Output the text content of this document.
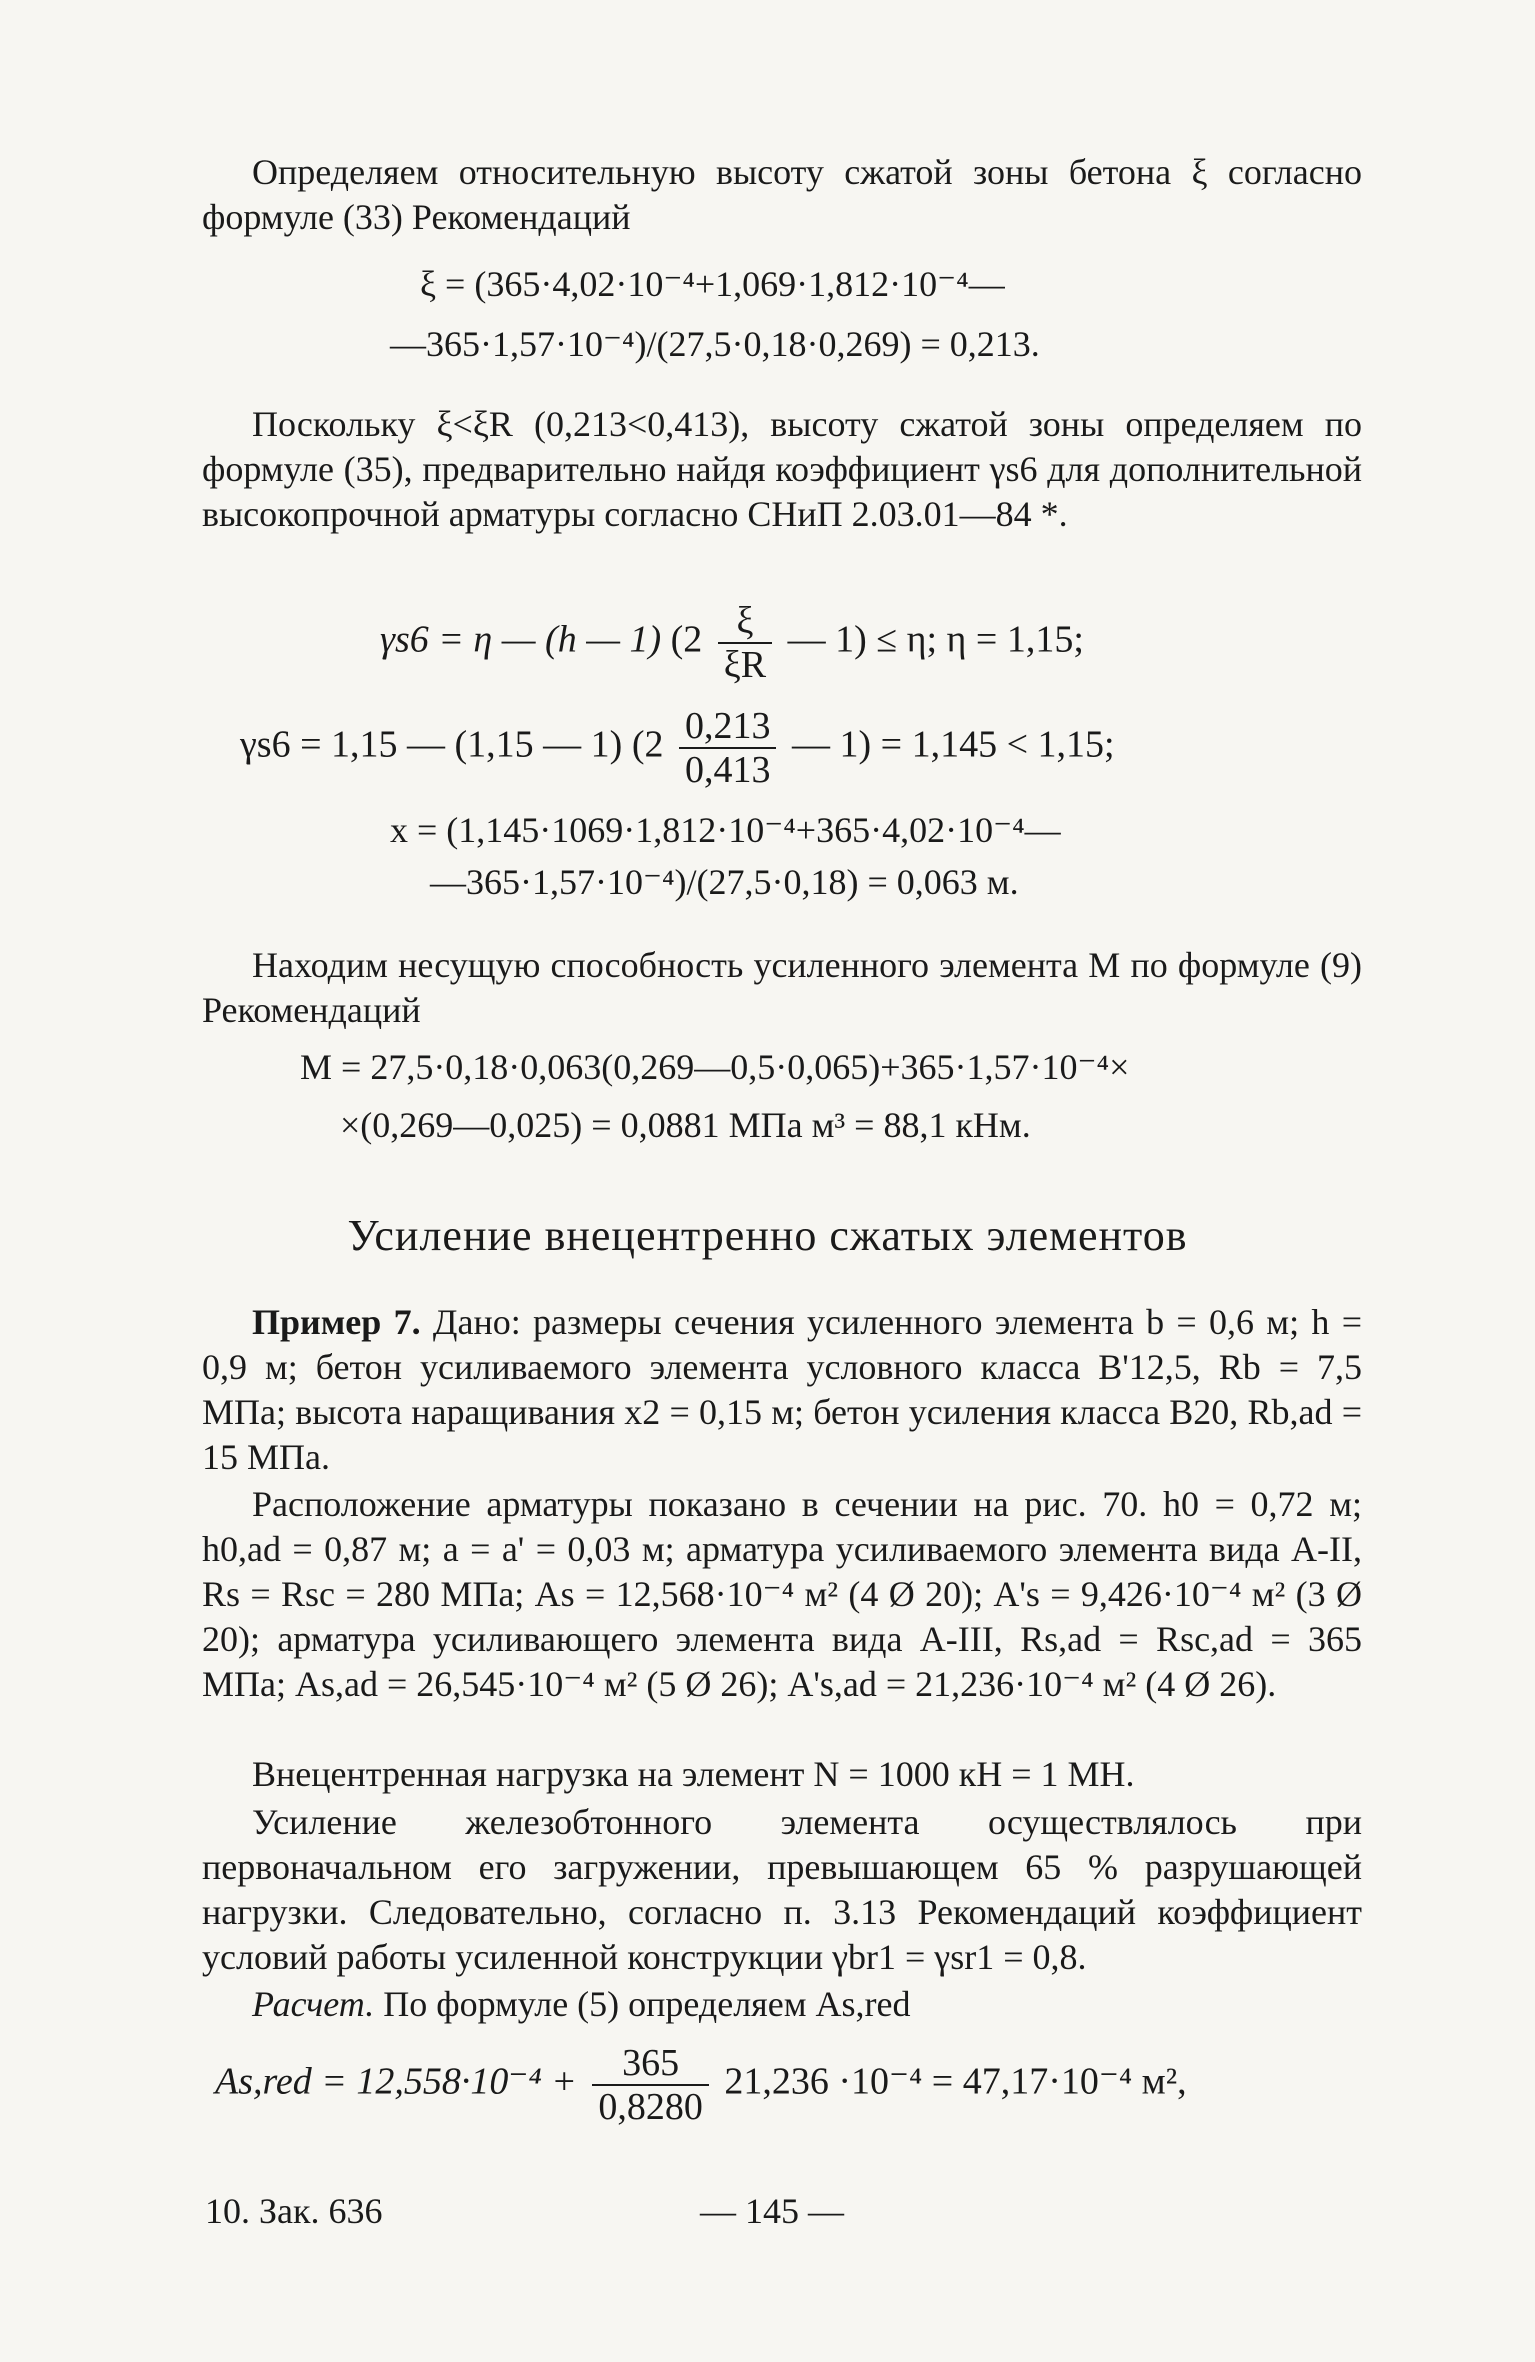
Определяем относительную высоту сжатой зоны бетона ξ согласно формуле (33) Рекомендаций

ξ = (365·4,02·10⁻⁴+1,069·1,812·10⁻⁴—
—365·1,57·10⁻⁴)/(27,5·0,18·0,269) = 0,213.

Поскольку ξ<ξR (0,213<0,413), высоту сжатой зоны определяем по формуле (35), предварительно найдя коэффициент γs6 для дополнительной высокопрочной арматуры согласно СНиП 2.03.01—84 *.

γs6 = η — (h — 1) ($2 \frac{\xi}{\xi R}$ — 1) ≤ η; η = 1,15;
γs6 = 1,15 — (1,15 — 1) ($2 \frac{0,213}{0,413}$ — 1) = 1,145 < 1,15;
x = (1,145·1069·1,812·10⁻⁴+365·4,02·10⁻⁴—
—365·1,57·10⁻⁴)/(27,5·0,18) = 0,063 м.

Находим несущую способность усиленного элемента M по формуле (9) Рекомендаций

M = 27,5·0,18·0,063(0,269—0,5·0,065)+365·1,57·10⁻⁴×
×(0,269—0,025) = 0,0881 МПа м³ = 88,1 кНм.
Усиление внецентренно сжатых элементов

Пример 7. Дано: размеры сечения усиленного элемента b = 0,6 м; h = 0,9 м; бетон усиливаемого элемента условного класса В'12,5, Rb = 7,5 МПа; высота наращивания x2 = 0,15 м; бетон усиления класса В20, Rb,ad = 15 МПа.

Расположение арматуры показано в сечении на рис. 70. h0 = 0,72 м; h0,ad = 0,87 м; a = a' = 0,03 м; арматура усиливаемого элемента вида А-II, Rs = Rsc = 280 МПа; As = 12,568·10⁻⁴ м² (4 Ø 20); A's = 9,426·10⁻⁴ м² (3 Ø 20); арматура усиливающего элемента вида А-III, Rs,ad = Rsc,ad = 365 МПа; As,ad = 26,545·10⁻⁴ м² (5 Ø 26); A's,ad = 21,236·10⁻⁴ м² (4 Ø 26).

Внецентренная нагрузка на элемент N = 1000 кН = 1 МН.

Усиление железобтонного элемента осуществлялось при первоначальном его загружении, превышающем 65 % разрушающей нагрузки. Следовательно, согласно п. 3.13 Рекомендаций коэффициент условий работы усиленной конструкции γbr1 = γsr1 = 0,8.

Расчет. По формуле (5) определяем As,red

$As,red = 12,558\cdot 10^{-4} + \frac{365}{0,8280} 21,236 \cdot 10^{-4} = 47,17\cdot 10^{-4}$ м²,
10. Зак. 636	— 145 —
